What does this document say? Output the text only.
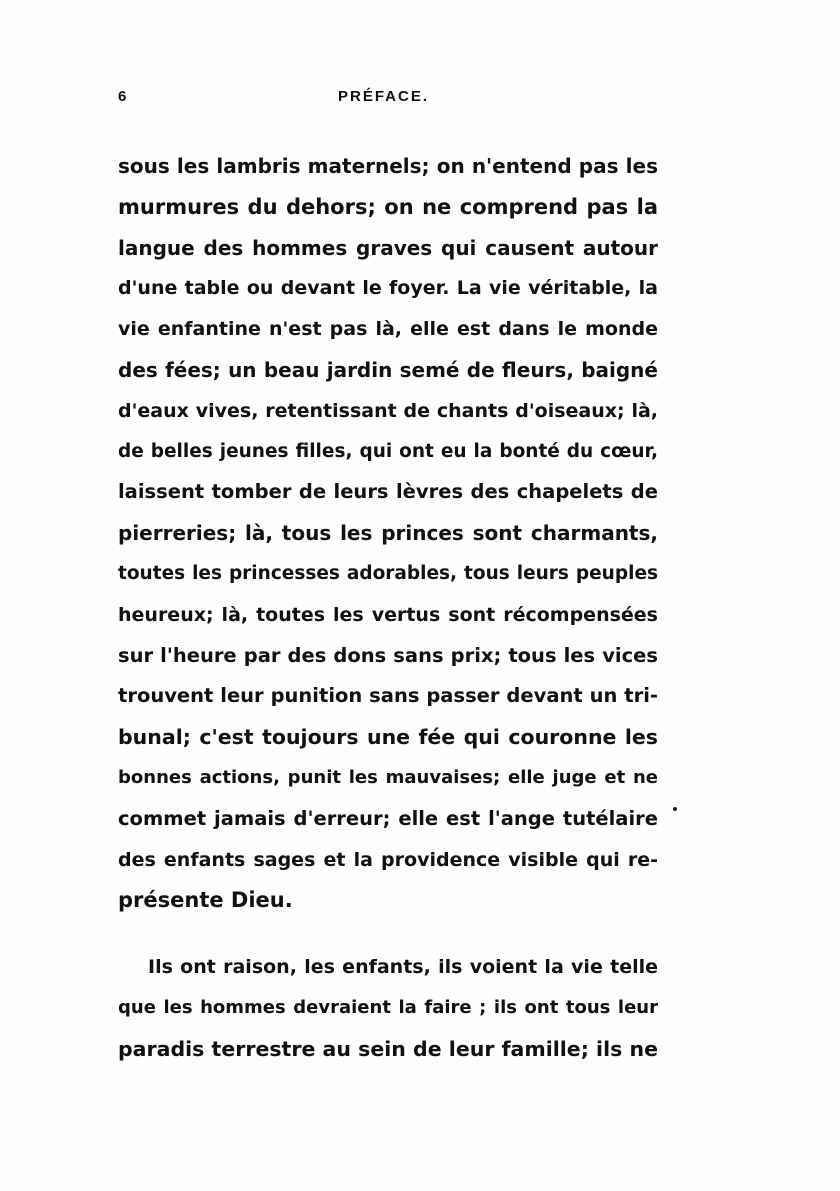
6	PRÉFACE.
sous les lambris maternels; on n'entend pas les
murmures du dehors; on ne comprend pas la
langue des hommes graves qui causent autour
d'une table ou devant le foyer. La vie véritable, la
vie enfantine n'est pas là, elle est dans le monde
des fées; un beau jardin semé de fleurs, baigné
d'eaux vives, retentissant de chants d'oiseaux; là,
de belles jeunes filles, qui ont eu la bonté du cœur,
laissent tomber de leurs lèvres des chapelets de
pierreries; là, tous les princes sont charmants,
toutes les princesses adorables, tous leurs peuples
heureux; là, toutes les vertus sont récompensées
sur l'heure par des dons sans prix; tous les vices
trouvent leur punition sans passer devant un tri-
bunal; c'est toujours une fée qui couronne les
bonnes actions, punit les mauvaises; elle juge et ne
commet jamais d'erreur; elle est l'ange tutélaire
des enfants sages et la providence visible qui re-
présente Dieu.
Ils ont raison, les enfants, ils voient la vie telle
que les hommes devraient la faire ; ils ont tous leur
paradis terrestre au sein de leur famille; ils ne
